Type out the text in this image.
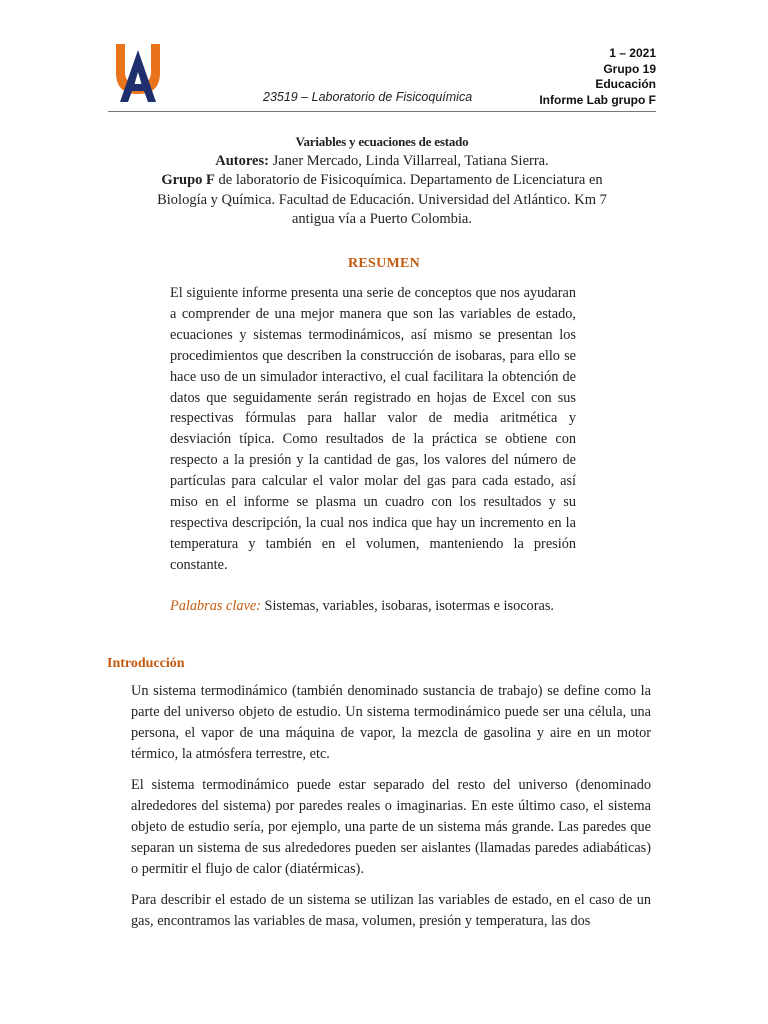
23519 – Laboratorio de Fisicoquímica
1 – 2021
Grupo 19
Educación
Informe Lab grupo F
Variables y ecuaciones de estado
Autores: Janer Mercado, Linda Villarreal, Tatiana Sierra.
Grupo F de laboratorio de Fisicoquímica. Departamento de Licenciatura en Biología y Química. Facultad de Educación. Universidad del Atlántico. Km 7 antigua vía a Puerto Colombia.
RESUMEN

El siguiente informe presenta una serie de conceptos que nos ayudaran a comprender de una mejor manera que son las variables de estado, ecuaciones y sistemas termodinámicos, así mismo se presentan los procedimientos que describen la construcción de isobaras, para ello se hace uso de un simulador interactivo, el cual facilitara la obtención de datos que seguidamente serán registrado en hojas de Excel con sus respectivas fórmulas para hallar valor de media aritmética y desviación típica. Como resultados de la práctica se obtiene con respecto a la presión y la cantidad de gas, los valores del número de partículas para calcular el valor molar del gas para cada estado, así miso en el informe se plasma un cuadro con los resultados y su respectiva descripción, la cual nos indica que hay un incremento en la temperatura y también en el volumen, manteniendo la presión constante.

Palabras clave: Sistemas, variables, isobaras, isotermas e isocoras.
Introducción

Un sistema termodinámico (también denominado sustancia de trabajo) se define como la parte del universo objeto de estudio. Un sistema termodinámico puede ser una célula, una persona, el vapor de una máquina de vapor, la mezcla de gasolina y aire en un motor térmico, la atmósfera terrestre, etc.

El sistema termodinámico puede estar separado del resto del universo (denominado alrededores del sistema) por paredes reales o imaginarias. En este último caso, el sistema objeto de estudio sería, por ejemplo, una parte de un sistema más grande. Las paredes que separan un sistema de sus alrededores pueden ser aislantes (llamadas paredes adiabáticas) o permitir el flujo de calor (diatérmicas).

Para describir el estado de un sistema se utilizan las variables de estado, en el caso de un gas, encontramos las variables de masa, volumen, presión y temperatura, las dos
